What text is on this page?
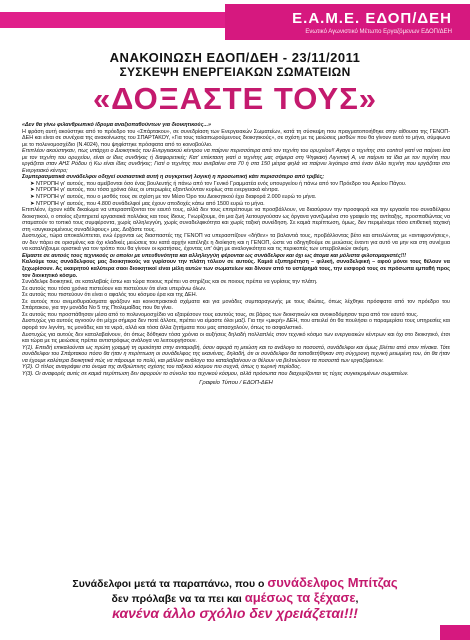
Ε.Α.Μ.Ε. ΕΔΟΠ/ΔΕΗ
Ενωτικό Αγωνιστικό Μέτωπο Εργαζόμενων ΕΔΟΠ/ΔΕΗ
ΑΝΑΚΟΙΝΩΣΗ ΕΔΟΠ/ΔΕΗ - 23/11/2011
ΣΥΣΚΕΨΗ ΕΝΕΡΓΕΙΑΚΩΝ ΣΩΜΑΤΕΙΩΝ
«ΔΟΞΑΣΤΕ ΤΟΥΣ»

«Δεν θα γίνω φιλανθρωπικό ίδρυμα αναξιοπαθούντων για διοικητικούς...»

Η φράση αυτή ακούστηκε από το πρόεδρο του «Σπάρτακου», σε συνεδρίαση των Ενεργειακών Σωματείων, κατά τη σύσκεψη που πραγματοποιήθηκε στην αίθουσα της ΓΕΝΟΠ-ΔΕΗ και είναι σε συνέχεια της ανακοίνωσης του ΣΠΑΡΤΑΚΟΥ, «Για τους ταλαιπωρούμενους διοικητικούς», σε σχέση με τις μειώσεις μισθών που θα γίνουν αυτό το μήνα, σύμφωνα με το πολυνομοσχέδιο (Ν.4024), που ψηφίστηκε πρόσφατα από το κοινοβούλιο.

Επιπλέον ακούστηκαν, πως υπάρχει ο Διοικητικός του Ενεργειακού κέντρου να παίρνει περισσότερα από τον τεχνίτη του ορυχείου!! Αγαγε ο τεχνίτης στο control γιατί να παίρνει ίσα με τον τεχνίτη του ορυχείου, είναι οι ίδιες συνθήκες ή διαφορετικές; Κατ' επέκταση γιατί ο τεχνίτης μας σήμερα στη Ψηφιακή Λιγνιτική Α, να παίρνει τα ίδια με τον τεχνίτη που εργάζεται σταν ΑΗΣ Ρόδου ή Κω είναι ίδιες συνθήκες; Γιατί ο τεχνίτης που ανεβαίνει στα 70 ή στα 150 μέτρα φηλά να παίρνει λιγότερο από έναν άλλο τεχνίτη που εργάζεται στο Ενεργειακό κέντρο;

Συμπερασματικά συνάδελφοι οδηγεί ουσιαστικά αυτή η συγκριτική λογική η προσωπική κάτι περισσότερο από τριβές;

➤ ΝΤΡΟΠΗ γι' αυτούς, που αμείβονται όσο ένας βουλευτής ή πάνω από τον Γενικό Γραμματέα ενός υπουργείου ή πάνω από τον Πρόεδρο του Αρείου Πάγου.

➤ ΝΤΡΟΠΗ γι' αυτούς, που τόσα χρόνια όλες οι υπερωρίες εξαντλούνταν κυρίως στα ενεργειακά κέντρα.

➤ ΝΤΡΟΠΗ γι' αυτούς, που ο μισθός τους σε σχέση με τον Μέσο Όρο του Διοικητικού έχει διαφορά 2.000 ευρώ το μήνα.

➤ ΝΤΡΟΠΗ γι' αυτούς, που 4.800 συνάδελφοί μας έχουν αποδοχές κάτω από 1500 ευρώ το μήνα.

Επιπλέον, έχουν κάθε δικαίωμα να υπερασπίζονται τον εαυτό τους, αλλά δεν τους επιτρέπουμε να προσβάλλουν, να διασύρουν την προσφορά και την εργασία του συναδέλφου διοικητικού, ο οποίος εξυπηρετεί εργασιακά πολλάκις και τους ίδιους. Γνωρίζουμε, ότι μια ζωή λειτουργούσαν ως όργανα γαντζωμένα στο γραφείο της αντίταξης, προσπαθώντας να σταματούν το τοπικό τους συμφέροντα, χωρίς αλληλεγγύη, χωρίς συναδελφικότητα και χωρίς ταξική συνείδηση. Σε καμιά περίπτωση, όμως, δεν περιμέναμε τόσο επιθετική ταχτική στη «συγκεκριμένους συναδέλφους» μας. Δοξάστε τους.

Δυστυχώς, τώρα αποκαλύπτεται, ενώ έρχονται ως διασπαστές της ΓΕΝΟΠ να υπερασπίζουν «δήθεν» τα βαλαντιά τους, προβάλλοντας βέτο και απειλώντας με «αντιφρονήσεις», αν δεν πάρει σε ορισμένες και όχι κλαδικές μειώσεις του κατά αρχήν κατέληξε η διοίκηση και η ΓΕΝΟΠ, ώστε να οδηγηθούμε σε μειώσεις έναντι για αυτό να μην και στη συνέχεια να καταλήξουμε οριστικά για τον τρόπο που θα γίνουν οι κρατήσεις, έχοντας υπ' όψη με αναλογικότητα και τις περικοπές των υπερβολικών ακόμη.

Είμαστε σε αυτούς τους τεχνικούς οι οποίοι με υπευθυνότητα και αλληλεγγύη φέρονται ως συνάδελφοι και όχι ως άτομα και μόλιστα φιλοτομαριστές!!!

Καλούμε τους συνάδελφους μας διοικητικούς να γυρίσουν την πλάτη τόλεον σε αυτούς. Καμιά εξυπηρέτηση – φιλική, συναδελφική – αφού μόνοι τους θέλουν να ξεχωρίσουν. Ας εκαιρητού καλύτερα σαοι διοικητικοί είναι μέλη αυτών των σωματείων και δίνουν από το υστέρημά τους, την εισφορά τους σε πρόσωπα εμπαθή προς τον διοικητικό κόσμο.

Συνάδελφε διοικητικέ, σε καταλαβαίς έστω και τώρα ποιους πρέπει να στηρίζεις και σε ποιους πρέπει να γυρίσεις την πλάτη.

Σε αυτούς που τόσα χρόνια πιστεύουν και πιστεύουν ότι είναι υπεράνω όλων.

Σε αυτούς που πιστεύουν ότι είναι ο αφαλός του κόσμου έρα και της ΔΕΗ.

Σε αυτούς που ανεμοθυραύσματα φράζουν και κοινοπρακτικά σχέματα και για μονάδες συμπαραγωγής με τους ιδιώτες, όπως λέχθηκε πρόσφατα από τον πρόεδρο του Σπάρτακου, για την μονάδα Νο 5 της Πτολεμαΐδας που θα γίνει.

Σε αυτούς που προσπάθησαν μέσα από το πολυνομοσχέδιο να εξαιρέσουν τους εαυτούς τους, σε βάρος των διοικητικών και ανοικοδόμησαν τερα από τον εαυτό τους.

Δυστυχώς για αυτούς αγνοούν ότι μέχρι σήμερα δεν ποτέ άλλοτε, πρέπει να είμαστε όλοι μαζί. Για την «μικρή» ΔΕΗ, που απειλεί ότι θα πουλήσει ο παραμερίσει τους υπηρεσίες και αφορά τον λιγνίτη, τις μονάδες και τα νερά, αλλά και τόσα άλλα ζητήματα που μας απασχολούν, όπως το ασφαλιστικό.

Δυστυχώς για αυτούς δεν καταλαβαίνουν, ότι όπως δόθηκαν τόσα χρόνια οι αυξήσεις δηλαδή πολλαπλές στον τεχνικό κόσμο των ενεργειακών κέντρων και όχι στο διοικητικό, έτσι και τώρα με τις μειώσεις πρέπει αντιστρόφως ανάλογα να λειτουργήσουν.

Υ(1). Επειδή επικαλούνται ως πρώτη γραμμή τη ομοιότητα στην ανταμοιβή, όσον αφορά τη μειώση και το ανάλογο το ποσοστό, συνάδελφοι και όμως βλέπει από στον πίνακα. Τότε συνάδελφοι του Σπάρτακου πόσο θα ήταν η περίπτωση οι συνάδελφος της εκανένας, δηλαδή, ότι οι συνάδελφοι θα τοποθετήθηκαν στη σύγχρονη τεχνική μειωμένη του, ότι θα ήταν να έχουμε καλύτερα διοικητικά πώς να πάρουμε το πολύ, και μάλλον ανάλογο του καταλαβαίνουν οι θέλουν να βελτιώνουν τα ποσοστά των εργαζόμενων.

Υ(2). Ο τίτλος αναγράφει στο όνομα της ανθρώπινης σχέσης του ταξικού κόσμου πιο συχνά, όπως η τωρινή περίοδος.

Υ(3). Οι αναφορές αυτές σε καμιά περίπτωση δεν αφορούν το σύνολο του τεχνικού κόσμου, αλλά πρόσωπα που διαχειρίζονται τις τύχες συγκεκριμένων σωματείων.

Γραφείο Τύπου / ΕΔΟΠ-ΔΕΗ

Συνάδελφοι μετά τα παραπάνω, που ο συνάδελφος Μπίτζας
δεν πρόλαβε να τα πει και αμέσως τα ξέχασε,
κανένα άλλο σχόλιο δεν χρειάζεται!!!
